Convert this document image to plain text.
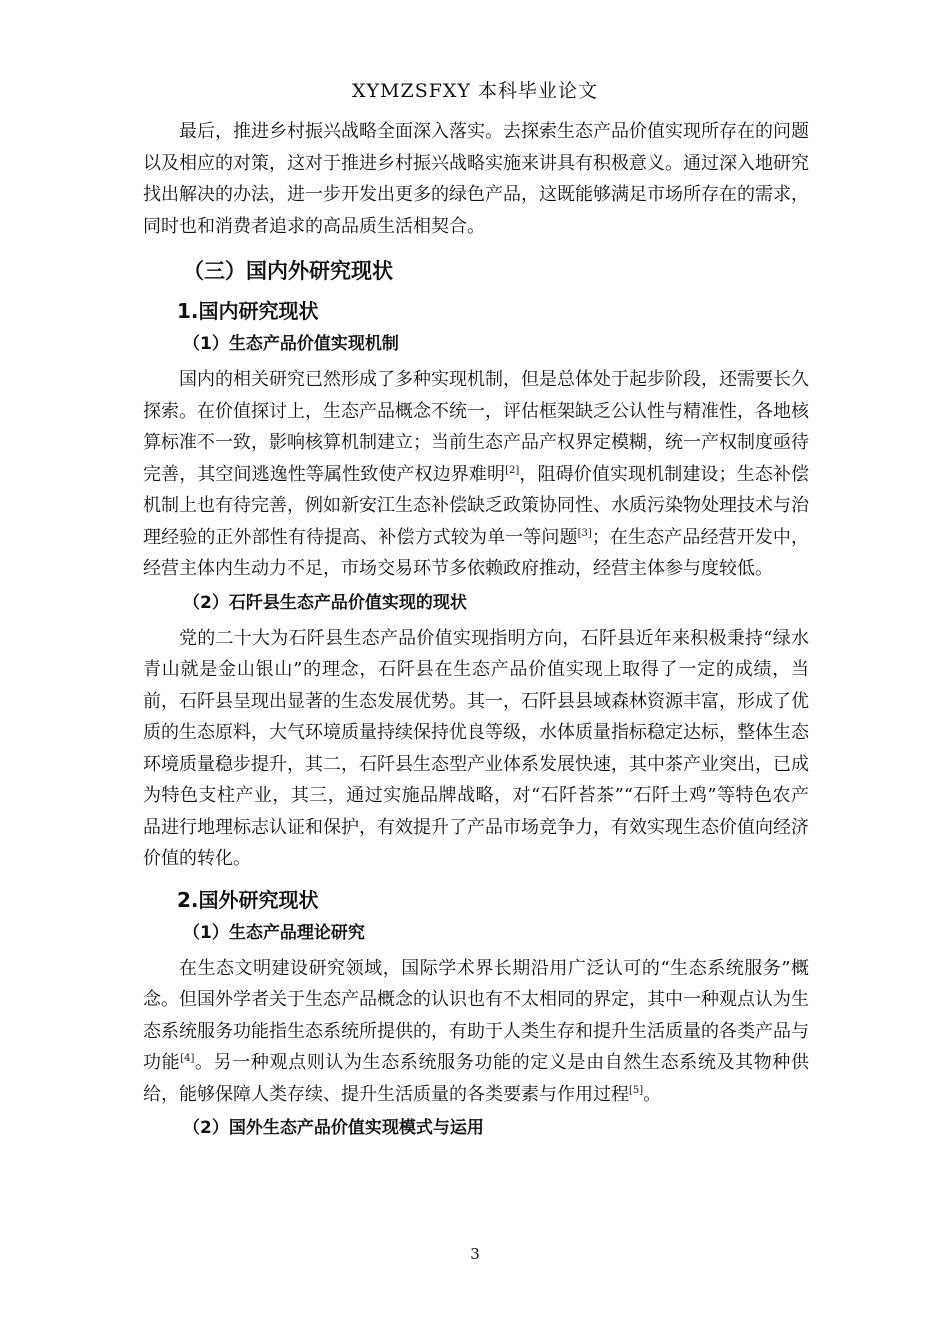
XYMZSFXY 本科毕业论文

最后，推进乡村振兴战略全面深入落实。去探索生态产品价值实现所存在的问题以及相应的对策，这对于推进乡村振兴战略实施来讲具有积极意义。通过深入地研究找出解决的办法，进一步开发出更多的绿色产品，这既能够满足市场所存在的需求，同时也和消费者追求的高品质生活相契合。

（三）国内外研究现状
1.国内研究现状
（1）生态产品价值实现机制

国内的相关研究已然形成了多种实现机制，但是总体处于起步阶段，还需要长久探索。在价值探讨上，生态产品概念不统一，评估框架缺乏公认性与精准性，各地核算标准不一致，影响核算机制建立；当前生态产品产权界定模糊，统一产权制度亟待完善，其空间逃逸性等属性致使产权边界难明[2]，阻碍价值实现机制建设；生态补偿机制上也有待完善，例如新安江生态补偿缺乏政策协同性、水质污染物处理技术与治理经验的正外部性有待提高、补偿方式较为单一等问题[3]；在生态产品经营开发中，经营主体内生动力不足，市场交易环节多依赖政府推动，经营主体参与度较低。

（2）石阡县生态产品价值实现的现状

党的二十大为石阡县生态产品价值实现指明方向，石阡县近年来积极秉持“绿水青山就是金山银山”的理念，石阡县在生态产品价值实现上取得了一定的成绩，当前，石阡县呈现出显著的生态发展优势。其一，石阡县县域森林资源丰富，形成了优质的生态原料，大气环境质量持续保持优良等级，水体质量指标稳定达标，整体生态环境质量稳步提升，其二，石阡县生态型产业体系发展快速，其中茶产业突出，已成为特色支柱产业，其三，通过实施品牌战略，对“石阡苔茶”“石阡土鸡”等特色农产品进行地理标志认证和保护，有效提升了产品市场竞争力，有效实现生态价值向经济价值的转化。

2.国外研究现状
（1）生态产品理论研究

在生态文明建设研究领域，国际学术界长期沿用广泛认可的“生态系统服务”概念。但国外学者关于生态产品概念的认识也有不太相同的界定，其中一种观点认为生态系统服务功能指生态系统所提供的，有助于人类生存和提升生活质量的各类产品与功能[4]。另一种观点则认为生态系统服务功能的定义是由自然生态系统及其物种供给，能够保障人类存续、提升生活质量的各类要素与作用过程[5]。

（2）国外生态产品价值实现模式与运用
3
